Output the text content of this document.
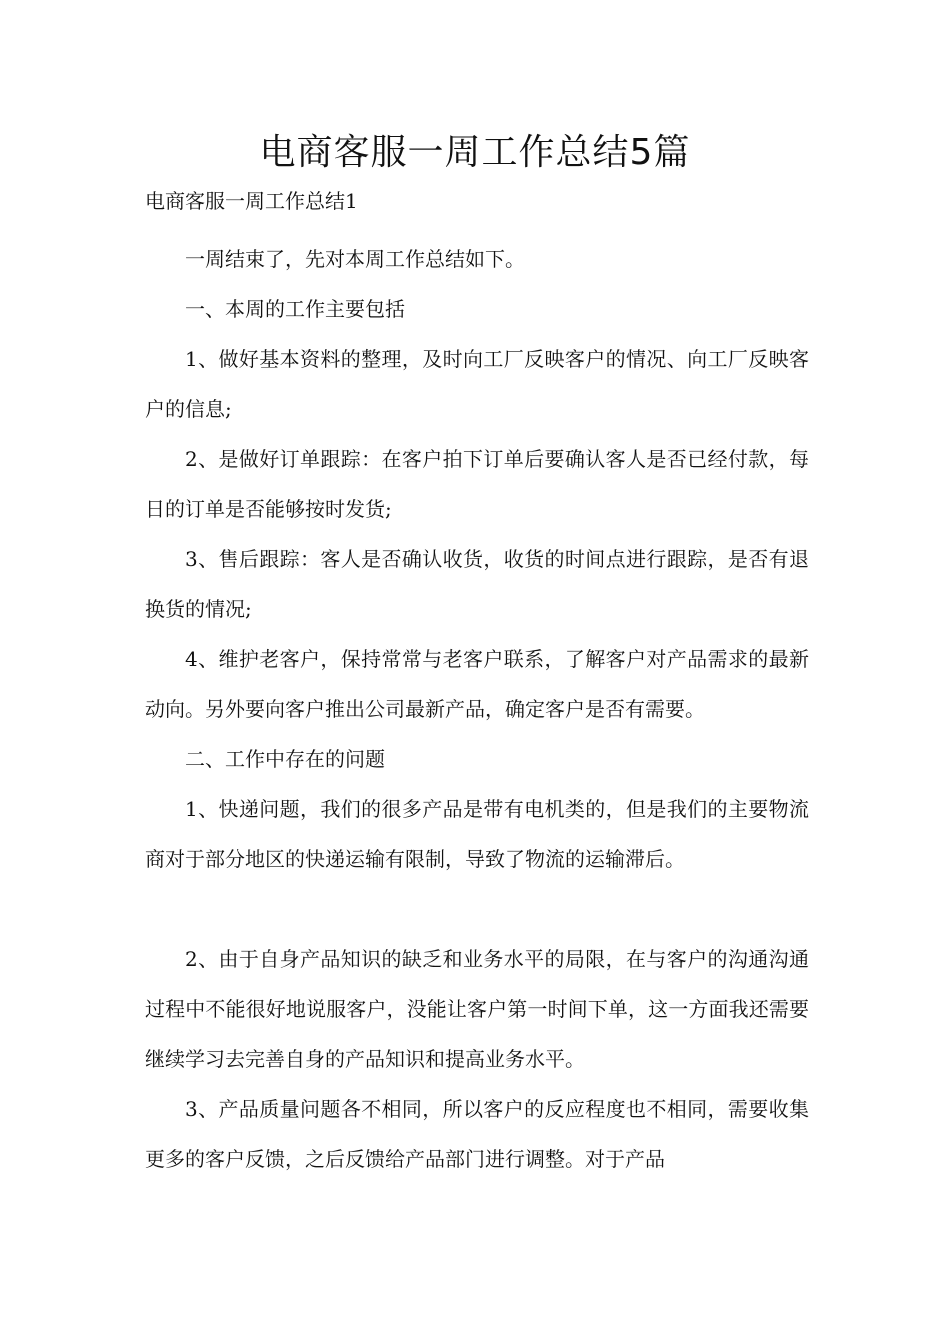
电商客服一周工作总结5篇

电商客服一周工作总结1

一周结束了，先对本周工作总结如下。

一、本周的工作主要包括

1、做好基本资料的整理，及时向工厂反映客户的情况、向工厂反映客户的信息;

2、是做好订单跟踪：在客户拍下订单后要确认客人是否已经付款，每日的订单是否能够按时发货;

3、售后跟踪：客人是否确认收货，收货的时间点进行跟踪，是否有退换货的情况;

4、维护老客户，保持常常与老客户联系，了解客户对产品需求的最新动向。另外要向客户推出公司最新产品，确定客户是否有需要。

二、工作中存在的问题

1、快递问题，我们的很多产品是带有电机类的，但是我们的主要物流商对于部分地区的快递运输有限制，导致了物流的运输滞后。

2、由于自身产品知识的缺乏和业务水平的局限，在与客户的沟通沟通过程中不能很好地说服客户，没能让客户第一时间下单，这一方面我还需要继续学习去完善自身的产品知识和提高业务水平。

3、产品质量问题各不相同，所以客户的反应程度也不相同，需要收集更多的客户反馈，之后反馈给产品部门进行调整。对于产品
